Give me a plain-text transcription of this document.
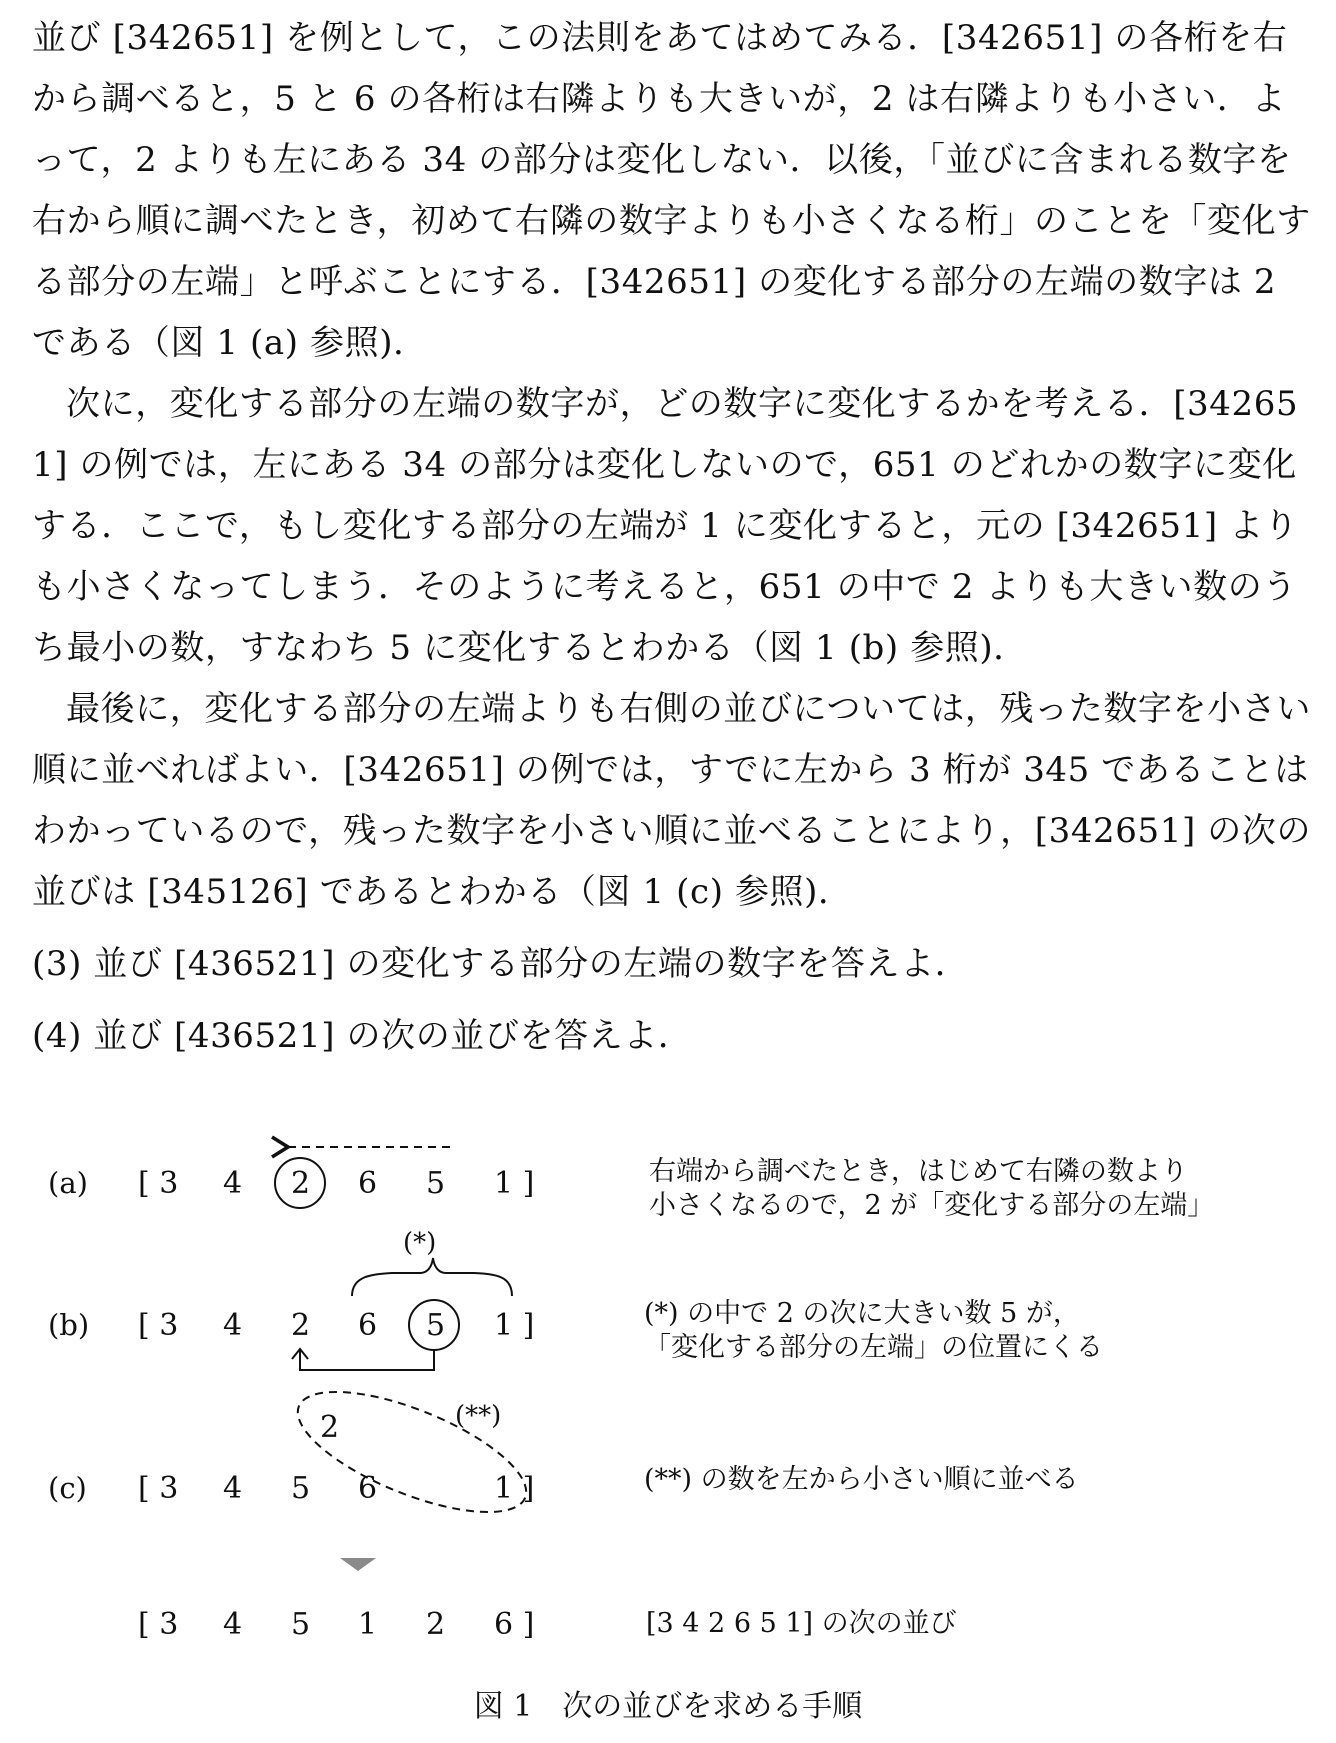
並び [342651] を例として，この法則をあてはめてみる．[342651] の各桁を右から調べると，5 と 6 の各桁は右隣よりも大きいが，2 は右隣よりも小さい．よって，2 よりも左にある 34 の部分は変化しない．以後，「並びに含まれる数字を右から順に調べたとき，初めて右隣の数字よりも小さくなる桁」のことを「変化する部分の左端」と呼ぶことにする．[342651] の変化する部分の左端の数字は 2 である（図 1 (a) 参照)．

次に，変化する部分の左端の数字が，どの数字に変化するかを考える．[342651] の例では，左にある 34 の部分は変化しないので，651 のどれかの数字に変化する．ここで，もし変化する部分の左端が 1 に変化すると，元の [342651] よりも小さくなってしまう．そのように考えると，651 の中で 2 よりも大きい数のうち最小の数，すなわち 5 に変化するとわかる（図 1 (b) 参照)．

最後に，変化する部分の左端よりも右側の並びについては，残った数字を小さい順に並べればよい．[342651] の例では，すでに左から 3 桁が 345 であることはわかっているので，残った数字を小さい順に並べることにより，[342651] の次の並びは [345126] であるとわかる（図 1 (c) 参照)．

(3) 並び [436521] の変化する部分の左端の数字を答えよ．

(4) 並び [436521] の次の並びを答えよ．

(a) [ 3 4 2 6 5 1 ]	右端から調べたとき，はじめて右隣の数より
小さくなるので，2 が「変化する部分の左端」
(*)
(b) [ 3 4 2 6 5 1 ]	(*) の中で 2 の次に大きい数 5 が，
「変化する部分の左端」の位置にくる
2	(**)
(c) [ 3 4 5 6	1 ]	(**) の数を左から小さい順に並べる
[ 3 4 5 1 2 6 ]	[3 4 2 6 5 1] の次の並び
図 1　次の並びを求める手順
